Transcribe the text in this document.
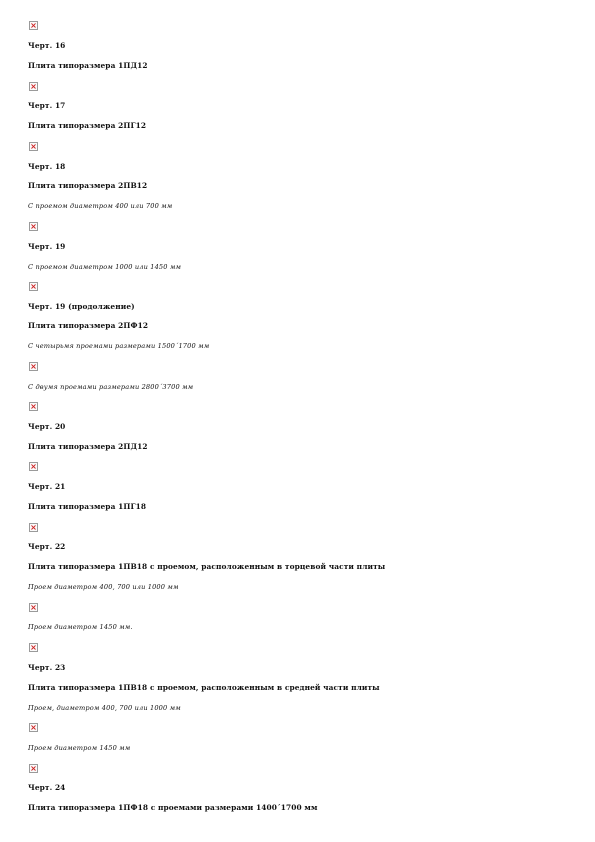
×
Черт. 16
Плита типоразмера 1ПД12
×
Черт. 17
Плита типоразмера 2ПГ12
×
Черт. 18
Плита типоразмера 2ПВ12
С проемом диаметром 400 или 700 мм
×
Черт. 19
С проемом диаметром 1000 или 1450 мм
×
Черт. 19 (продолжение)
Плита типоразмера 2ПФ12
С четырьмя проемами размерами 1500´1700 мм
×
С двумя проемами размерами 2800´3700 мм
×
Черт. 20
Плита типоразмера 2ПД12
×
Черт. 21
Плита типоразмера 1ПГ18
×
Черт. 22
Плита типоразмера 1ПВ18 с проемом, расположенным в торцевой части плиты
Проем диаметром 400, 700 или 1000 мм
×
Проем диаметром 1450 мм.
×
Черт. 23
Плита типоразмера 1ПВ18 с проемом, расположенным в средней части плиты
Проем, диаметром 400, 700 или 1000 мм
×
Проем диаметром 1450 мм
×
Черт. 24
Плита типоразмера 1ПФ18 с проемами размерами 1400´1700 мм
